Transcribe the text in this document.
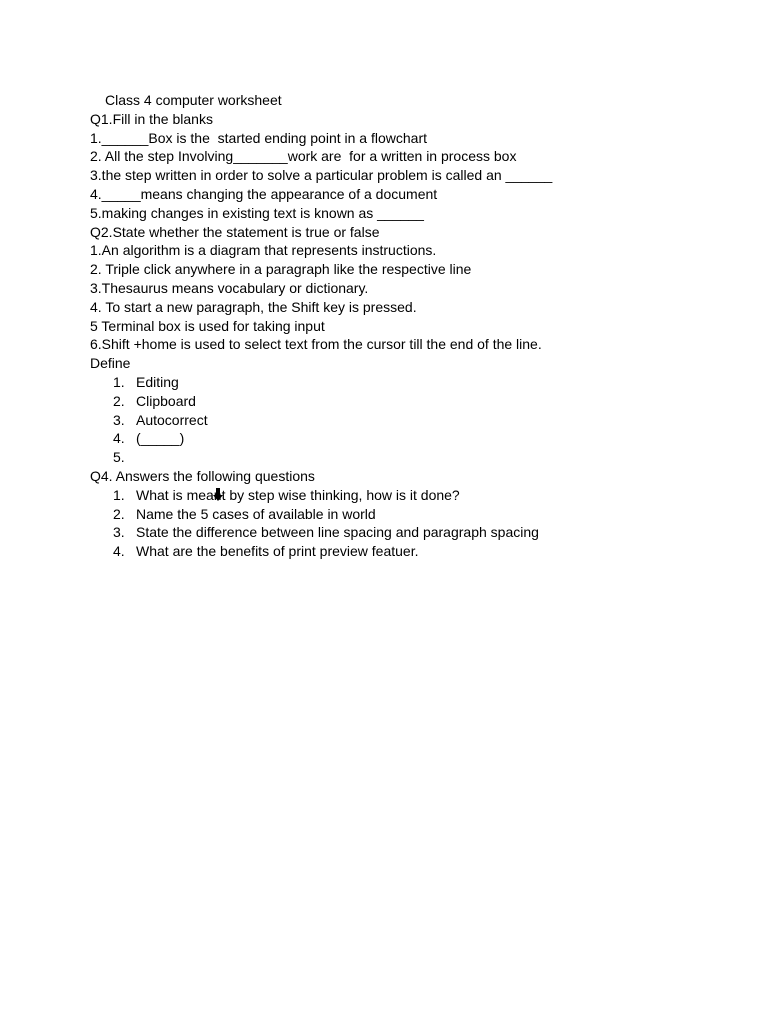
Class 4 computer worksheet
Q1.Fill in the blanks
1.______Box is the  started ending point in a flowchart
2. All the step Involving_______work are  for a written in process box
3.the step written in order to solve a particular problem is called an ______
4._____means changing the appearance of a document
5.making changes in existing text is known as ______
Q2.State whether the statement is true or false
1.An algorithm is a diagram that represents instructions.
2. Triple click anywhere in a paragraph like the respective line
3.Thesaurus means vocabulary or dictionary.
4. To start a new paragraph, the Shift key is pressed.
5 Terminal box is used for taking input
6.Shift +home is used to select text from the cursor till the end of the line.
Define

1.

Editing

2.

Clipboard

3.

Autocorrect

4.

(_____)

5.

Q4. Answers the following questions

1.

What is meant by step wise thinking, how is it done?

2.

Name the 5 cases of available in world

3.

State the difference between line spacing and paragraph spacing

4.

What are the benefits of print preview featuer.
